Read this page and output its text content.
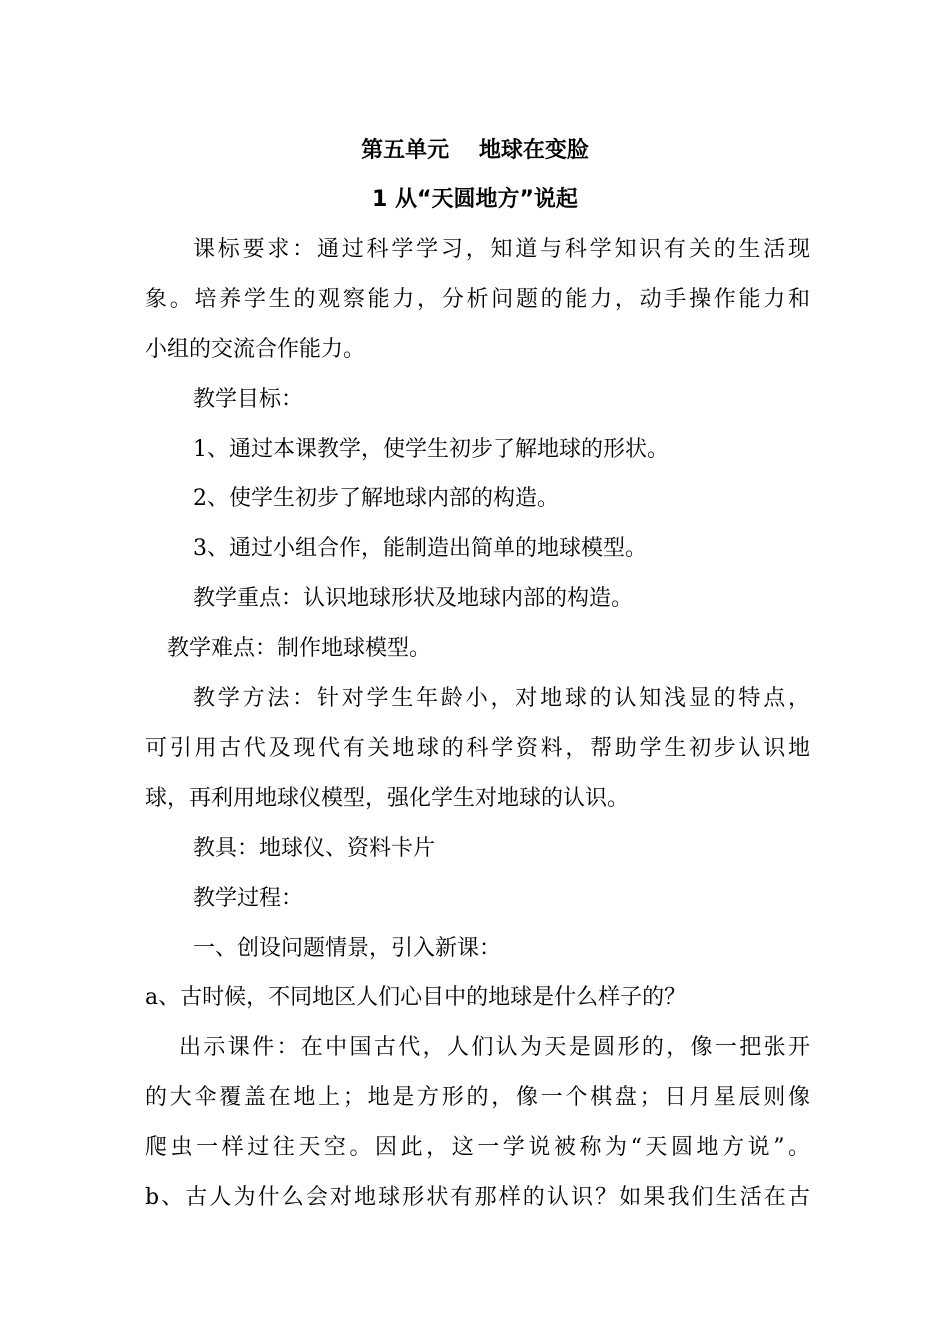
第五单元　 地球在变脸
1 从“天圆地方”说起
课标要求：通过科学学习，知道与科学知识有关的生活现
象。培养学生的观察能力，分析问题的能力，动手操作能力和
小组的交流合作能力。
教学目标：
1、通过本课教学，使学生初步了解地球的形状。
2、使学生初步了解地球内部的构造。
3、通过小组合作，能制造出简单的地球模型。
教学重点：认识地球形状及地球内部的构造。
教学难点：制作地球模型。
教学方法：针对学生年龄小，对地球的认知浅显的特点，
可引用古代及现代有关地球的科学资料，帮助学生初步认识地
球，再利用地球仪模型，强化学生对地球的认识。
教具：地球仪、资料卡片
教学过程：
一、创设问题情景，引入新课：
a、古时候，不同地区人们心目中的地球是什么样子的？
出示课件：在中国古代，人们认为天是圆形的，像一把张开
的大伞覆盖在地上；地是方形的，像一个棋盘；日月星辰则像
爬虫一样过往天空。因此，这一学说被称为“天圆地方说”。
b、古人为什么会对地球形状有那样的认识？如果我们生活在古
